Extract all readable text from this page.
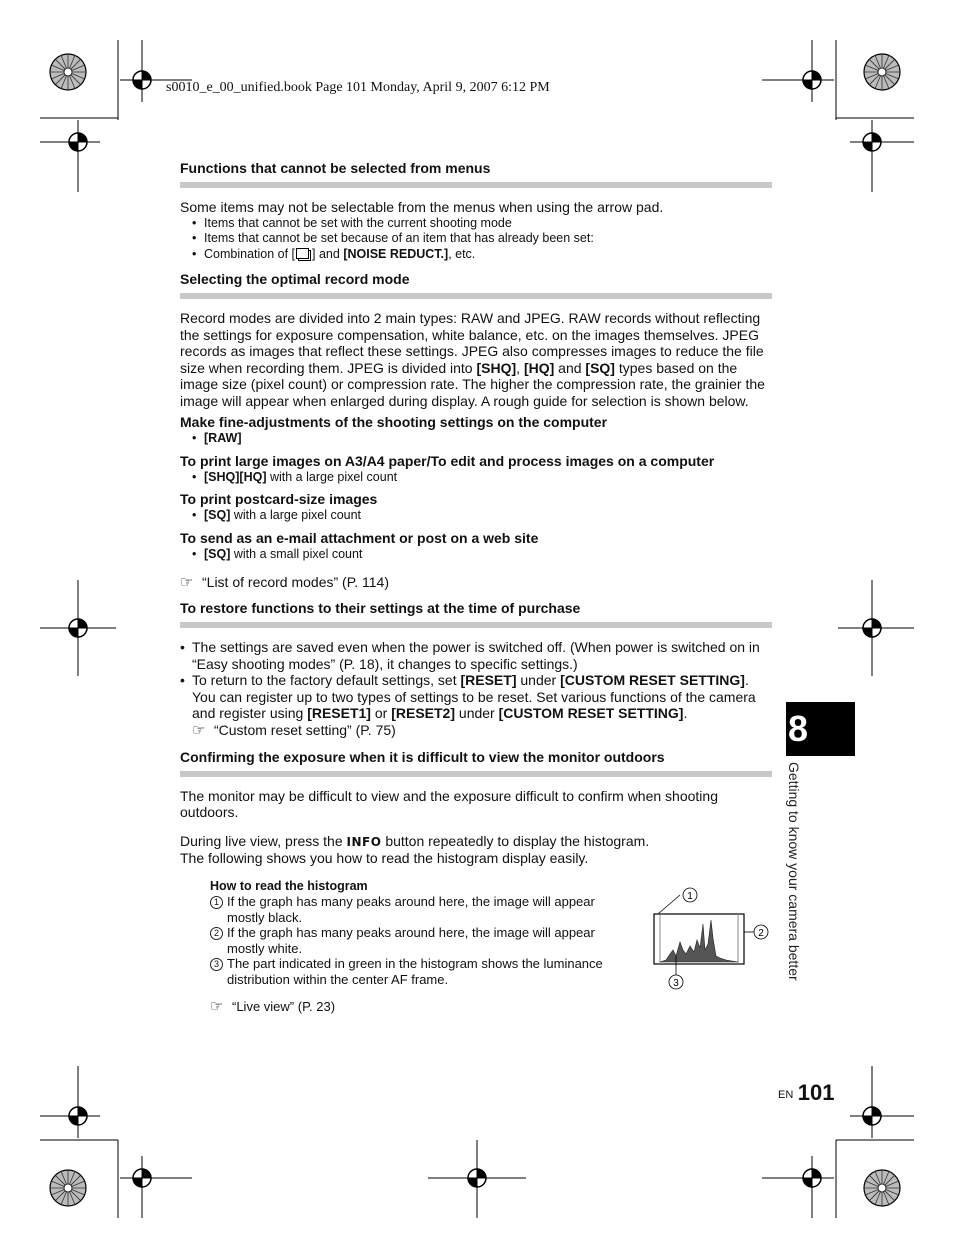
s0010_e_00_unified.book Page 101 Monday, April 9, 2007 6:12 PM

Functions that cannot be selected from menus

Some items may not be selectable from the menus when using the arrow pad.

• Items that cannot be set with the current shooting mode

• Items that cannot be set because of an item that has already been set:

• Combination of [ ] and [NOISE REDUCT.], etc.

Selecting the optimal record mode

Record modes are divided into 2 main types: RAW and JPEG. RAW records without reflecting the settings for exposure compensation, white balance, etc. on the images themselves. JPEG records as images that reflect these settings. JPEG also compresses images to reduce the file size when recording them. JPEG is divided into [SHQ], [HQ] and [SQ] types based on the image size (pixel count) or compression rate. The higher the compression rate, the grainier the image will appear when enlarged during display. A rough guide for selection is shown below.

Make fine-adjustments of the shooting settings on the computer

• [RAW]

To print large images on A3/A4 paper/To edit and process images on a computer

• [SHQ][HQ] with a large pixel count

To print postcard-size images

• [SQ] with a large pixel count

To send as an e-mail attachment or post on a web site

• [SQ] with a small pixel count

☞ “List of record modes” (P. 114)

To restore functions to their settings at the time of purchase

• The settings are saved even when the power is switched off. (When power is switched on in “Easy shooting modes” (P. 18), it changes to specific settings.)

• To return to the factory default settings, set [RESET] under [CUSTOM RESET SETTING]. You can register up to two types of settings to be reset. Set various functions of the camera and register using [RESET1] or [RESET2] under [CUSTOM RESET SETTING].

☞ “Custom reset setting” (P. 75)

Confirming the exposure when it is difficult to view the monitor outdoors

The monitor may be difficult to view and the exposure difficult to confirm when shooting outdoors.

During live view, press the INFO button repeatedly to display the histogram.

The following shows you how to read the histogram display easily.

How to read the histogram

1 If the graph has many peaks around here, the image will appear mostly black.

2 If the graph has many peaks around here, the image will appear mostly white.

3 The part indicated in green in the histogram shows the luminance distribution within the center AF frame.

☞ “Live view” (P. 23)

1
2
3
8
Getting to know your camera better
EN 101
